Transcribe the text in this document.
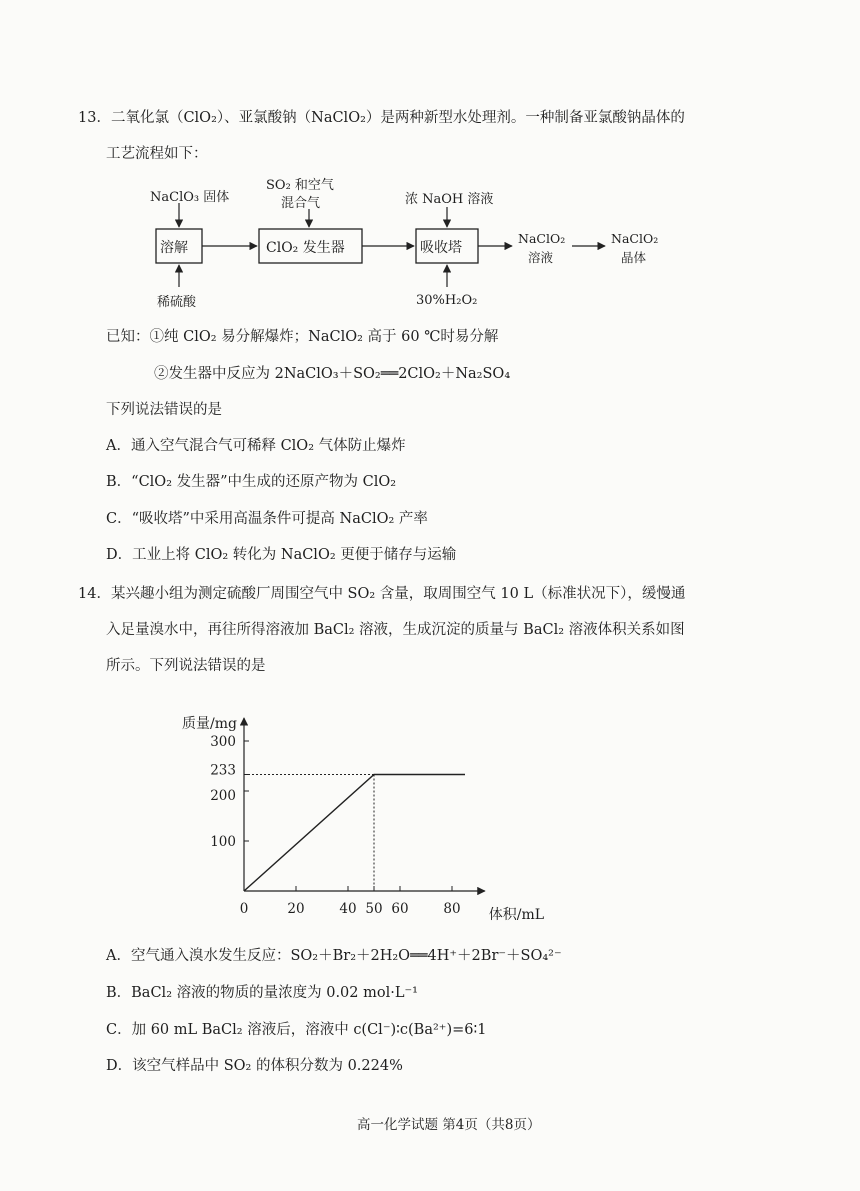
13．二氧化氯（ClO₂）、亚氯酸钠（NaClO₂）是两种新型水处理剂。一种制备亚氯酸钠晶体的
工艺流程如下：
NaClO₃ 固体
SO₂ 和空气
混合气	浓 NaOH 溶液
溶解	ClO₂ 发生器	吸收塔
稀硫酸	30%H₂O₂
NaClO₂
溶液
NaClO₂
晶体
已知：①纯 ClO₂ 易分解爆炸；NaClO₂ 高于 60 ℃时易分解
②发生器中反应为 2NaClO₃＋SO₂══2ClO₂＋Na₂SO₄
下列说法错误的是
A．通入空气混合气可稀释 ClO₂ 气体防止爆炸
B．“ClO₂ 发生器”中生成的还原产物为 ClO₂
C．“吸收塔”中采用高温条件可提高 NaClO₂ 产率
D．工业上将 ClO₂ 转化为 NaClO₂ 更便于储存与运输
14．某兴趣小组为测定硫酸厂周围空气中 SO₂ 含量，取周围空气 10 L（标准状况下），缓慢通
入足量溴水中，再往所得溶液加 BaCl₂ 溶液，生成沉淀的质量与 BaCl₂ 溶液体积关系如图
所示。下列说法错误的是
质量/mg
体积/mL
0	20	40 50 60	80
100
200
233
300
A．空气通入溴水发生反应：SO₂＋Br₂＋2H₂O══4H⁺＋2Br⁻＋SO₄²⁻
B．BaCl₂ 溶液的物质的量浓度为 0.02 mol·L⁻¹
C．加 60 mL BaCl₂ 溶液后，溶液中 c(Cl⁻)∶c(Ba²⁺)=6∶1
D．该空气样品中 SO₂ 的体积分数为 0.224%
高一化学试题 第4页（共8页）
